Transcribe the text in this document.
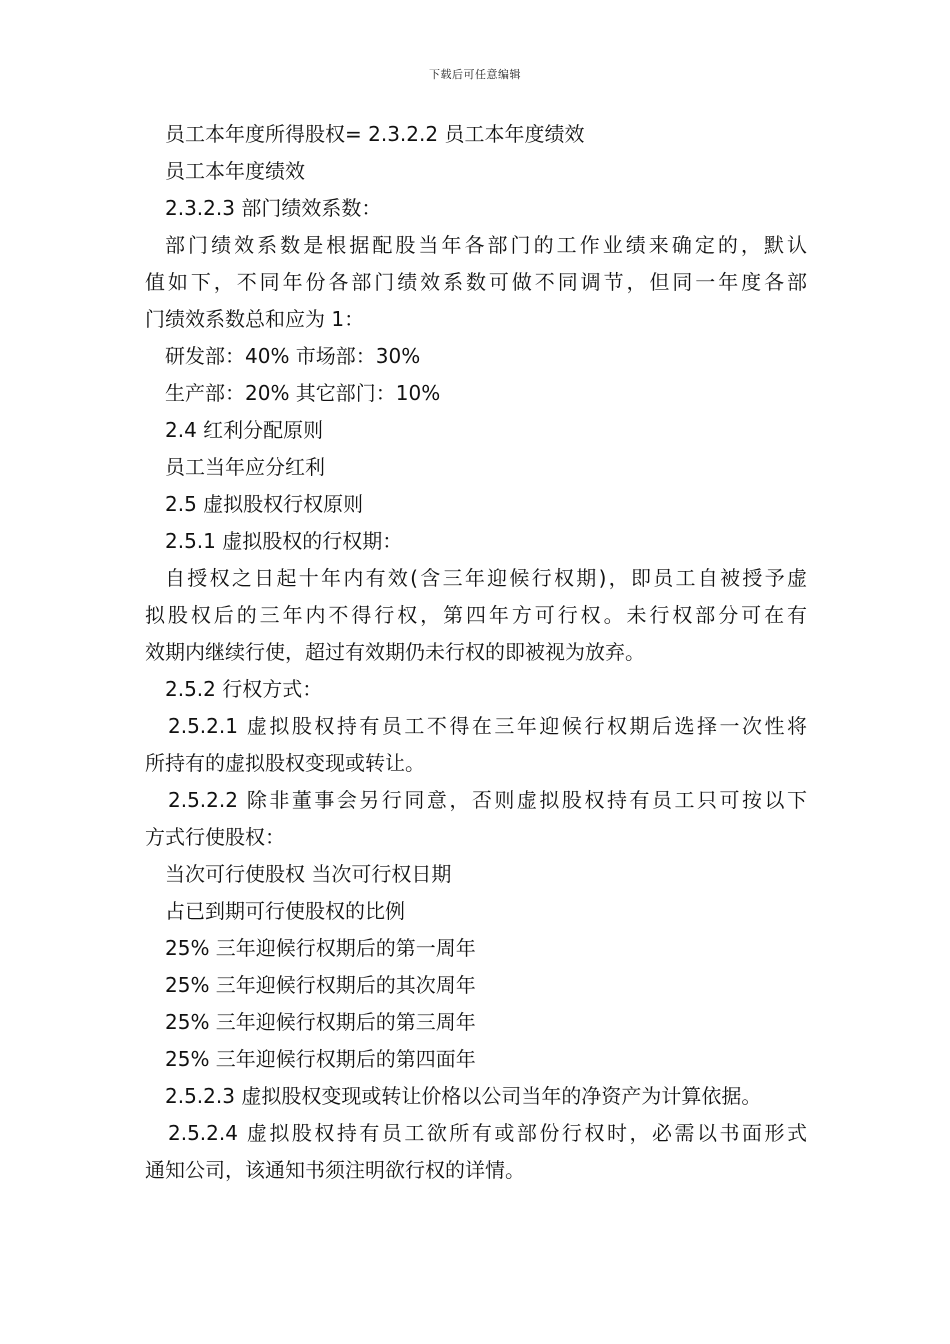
下载后可任意编辑
员工本年度所得股权= 2.3.2.2 员工本年度绩效
员工本年度绩效
2.3.2.3 部门绩效系数：
部门绩效系数是根据配股当年各部门的工作业绩来确定的，默认
值如下，不同年份各部门绩效系数可做不同调节，但同一年度各部
门绩效系数总和应为 1：
研发部：40% 市场部：30%
生产部：20% 其它部门：10%
2.4 红利分配原则
员工当年应分红利
2.5 虚拟股权行权原则
2.5.1 虚拟股权的行权期：
自授权之日起十年内有效(含三年迎候行权期)，即员工自被授予虚
拟股权后的三年内不得行权，第四年方可行权。未行权部分可在有
效期内继续行使，超过有效期仍未行权的即被视为放弃。
2.5.2 行权方式：
2.5.2.1 虚拟股权持有员工不得在三年迎候行权期后选择一次性将
所持有的虚拟股权变现或转让。
2.5.2.2 除非董事会另行同意，否则虚拟股权持有员工只可按以下
方式行使股权：
当次可行使股权 当次可行权日期
占已到期可行使股权的比例
25% 三年迎候行权期后的第一周年
25% 三年迎候行权期后的其次周年
25% 三年迎候行权期后的第三周年
25% 三年迎候行权期后的第四面年
2.5.2.3 虚拟股权变现或转让价格以公司当年的净资产为计算依据。
2.5.2.4 虚拟股权持有员工欲所有或部份行权时，必需以书面形式
通知公司，该通知书须注明欲行权的详情。
